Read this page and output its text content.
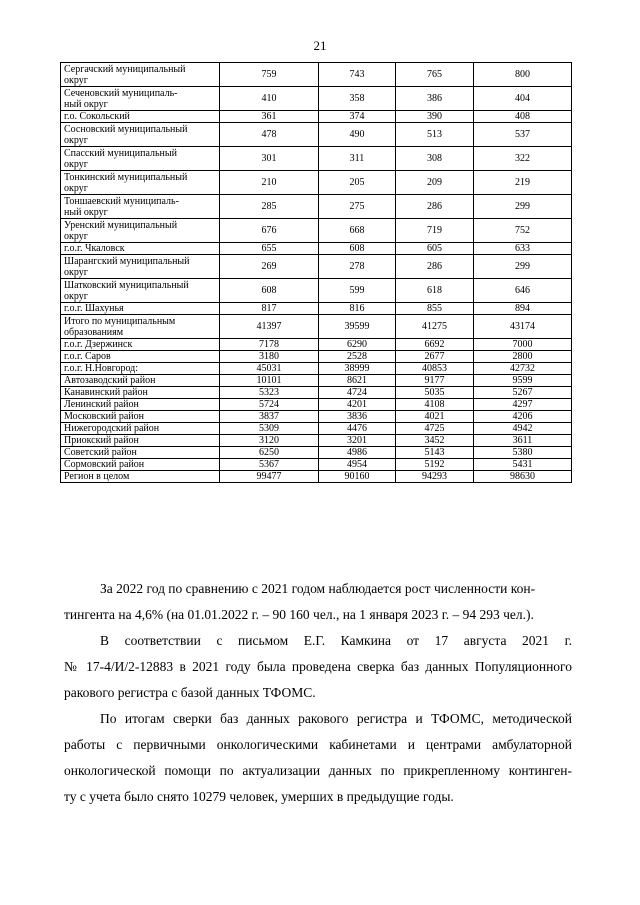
21
Сергачский муниципальный
округ	759	743	765	800

Сеченовский муниципаль-
ный округ	410	358	386	404

г.о. Сокольский	361	374	390	408

Сосновский муниципальный
округ	478	490	513	537

Спасский муниципальный
округ	301	311	308	322

Тонкинский муниципальный
округ	210	205	209	219

Тоншаевский муниципаль-
ный округ	285	275	286	299

Уренский муниципальный
округ	676	668	719	752

г.о.г. Чкаловск	655	608	605	633

Шарангский муниципальный
округ	269	278	286	299

Шатковский муниципальный
округ	608	599	618	646

г.о.г. Шахунья	817	816	855	894

Итого по муниципальным
образованиям	41397	39599	41275	43174

г.о.г. Дзержинск	7178	6290	6692	7000

г.о.г. Саров	3180	2528	2677	2800

г.о.г. Н.Новгород:	45031	38999	40853	42732

Автозаводский район	10101	8621	9177	9599

Канавинский район	5323	4724	5035	5267

Ленинский район	5724	4201	4108	4297

Московский район	3837	3836	4021	4206

Нижегородский район	5309	4476	4725	4942

Приокский район	3120	3201	3452	3611

Советский район	6250	4986	5143	5380

Сормовский район	5367	4954	5192	5431

Регион в целом	99477	90160	94293	98630
За 2022 год по сравнению с 2021 годом наблюдается рост численности кон-
тингента на 4,6% (на 01.01.2022 г. – 90 160 чел., на 1 января 2023 г. – 94 293 чел.).
В соответствии с письмом Е.Г. Камкина от 17 августа 2021 г.
№ 17-4/И/2-12883 в 2021 году была проведена сверка баз данных Популяционного
ракового регистра с базой данных ТФОМС.
По итогам сверки баз данных ракового регистра и ТФОМС, методической
работы с первичными онкологическими кабинетами и центрами амбулаторной
онкологической помощи по актуализации данных по прикрепленному континген-
ту с учета было снято 10279 человек, умерших в предыдущие годы.
